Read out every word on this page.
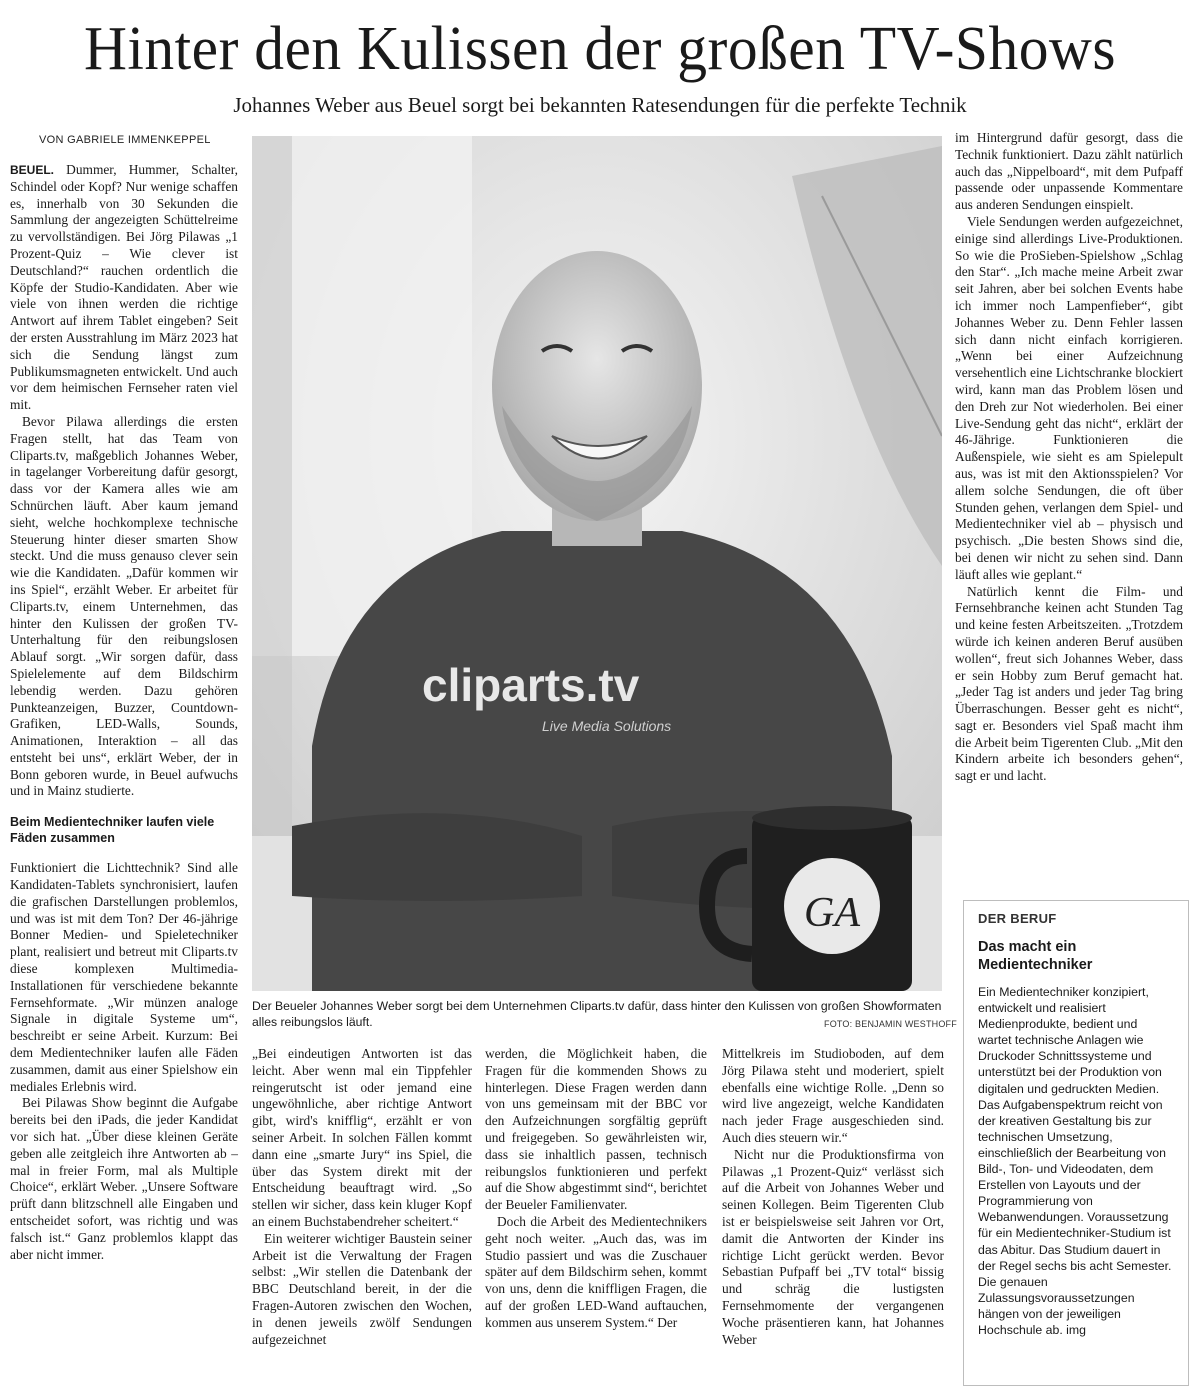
Hinter den Kulissen der großen TV-Shows

Johannes Weber aus Beuel sorgt bei bekannten Ratesendungen für die perfekte Technik

VON GABRIELE IMMENKEPPEL

BEUEL. Dummer, Hummer, Schalter, Schindel oder Kopf? Nur wenige schaffen es, innerhalb von 30 Sekunden die Sammlung der angezeigten Schüttelreime zu vervollständigen. Bei Jörg Pilawas „1 Prozent-Quiz – Wie clever ist Deutschland?“ rauchen ordentlich die Köpfe der Studio-Kandidaten. Aber wie viele von ihnen werden die richtige Antwort auf ihrem Tablet eingeben? Seit der ersten Ausstrahlung im März 2023 hat sich die Sendung längst zum Publikumsmagneten entwickelt. Und auch vor dem heimischen Fernseher raten viel mit.

Bevor Pilawa allerdings die ersten Fragen stellt, hat das Team von Cliparts.tv, maßgeblich Johannes Weber, in tagelanger Vorbereitung dafür gesorgt, dass vor der Kamera alles wie am Schnürchen läuft. Aber kaum jemand sieht, welche hochkomplexe technische Steuerung hinter dieser smarten Show steckt. Und die muss genauso clever sein wie die Kandidaten. „Dafür kommen wir ins Spiel“, erzählt Weber. Er arbeitet für Cliparts.tv, einem Unternehmen, das hinter den Kulissen der großen TV-Unterhaltung für den reibungslosen Ablauf sorgt. „Wir sorgen dafür, dass Spielelemente auf dem Bildschirm lebendig werden. Dazu gehören Punkteanzeigen, Buzzer, Countdown-Grafiken, LED-Walls, Sounds, Animationen, Interaktion – all das entsteht bei uns“, erklärt Weber, der in Bonn geboren wurde, in Beuel aufwuchs und in Mainz studierte.

Beim Medientechniker laufen viele Fäden zusammen

Funktioniert die Lichttechnik? Sind alle Kandidaten-Tablets synchronisiert, laufen die grafischen Darstellungen problemlos, und was ist mit dem Ton? Der 46-jährige Bonner Medien- und Spieletechniker plant, realisiert und betreut mit Cliparts.tv diese komplexen Multimedia-Installationen für verschiedene bekannte Fernsehformate. „Wir münzen analoge Signale in digitale Systeme um“, beschreibt er seine Arbeit. Kurzum: Bei dem Medientechniker laufen alle Fäden zusammen, damit aus einer Spielshow ein mediales Erlebnis wird.

Bei Pilawas Show beginnt die Aufgabe bereits bei den iPads, die jeder Kandidat vor sich hat. „Über diese kleinen Geräte geben alle zeitgleich ihre Antworten ab – mal in freier Form, mal als Multiple Choice“, erklärt Weber. „Unsere Software prüft dann blitzschnell alle Eingaben und entscheidet sofort, was richtig und was falsch ist.“ Ganz problemlos klappt das aber nicht immer.

cliparts.tv
Live Media Solutions
GA
Der Beueler Johannes Weber sorgt bei dem Unternehmen Cliparts.tv dafür, dass hinter den Kulissen von großen Showformaten alles reibungslos läuft.	FOTO: BENJAMIN WESTHOFF

„Bei eindeutigen Antworten ist das leicht. Aber wenn mal ein Tippfehler reingerutscht ist oder jemand eine ungewöhnliche, aber richtige Antwort gibt, wird's knifflig“, erzählt er von seiner Arbeit. In solchen Fällen kommt dann eine „smarte Jury“ ins Spiel, die über das System direkt mit der Entscheidung beauftragt wird. „So stellen wir sicher, dass kein kluger Kopf an einem Buchstabendreher scheitert.“

Ein weiterer wichtiger Baustein seiner Arbeit ist die Verwaltung der Fragen selbst: „Wir stellen die Datenbank der BBC Deutschland bereit, in der die Fragen-Autoren zwischen den Wochen, in denen jeweils zwölf Sendungen aufgezeichnet

werden, die Möglichkeit haben, die Fragen für die kommenden Shows zu hinterlegen. Diese Fragen werden dann von uns gemeinsam mit der BBC vor den Aufzeichnungen sorgfältig geprüft und freigegeben. So gewährleisten wir, dass sie inhaltlich passen, technisch reibungslos funktionieren und perfekt auf die Show abgestimmt sind“, berichtet der Beueler Familienvater.

Doch die Arbeit des Medientechnikers geht noch weiter. „Auch das, was im Studio passiert und was die Zuschauer später auf dem Bildschirm sehen, kommt von uns, denn die kniffligen Fragen, die auf der großen LED-Wand auftauchen, kommen aus unserem System.“ Der

Mittelkreis im Studioboden, auf dem Jörg Pilawa steht und moderiert, spielt ebenfalls eine wichtige Rolle. „Denn so wird live angezeigt, welche Kandidaten nach jeder Frage ausgeschieden sind. Auch dies steuern wir.“

Nicht nur die Produktionsfirma von Pilawas „1 Prozent-Quiz“ verlässt sich auf die Arbeit von Johannes Weber und seinen Kollegen. Beim Tigerenten Club ist er beispielsweise seit Jahren vor Ort, damit die Antworten der Kinder ins richtige Licht gerückt werden. Bevor Sebastian Pufpaff bei „TV total“ bissig und schräg die lustigsten Fernsehmomente der vergangenen Woche präsentieren kann, hat Johannes Weber

im Hintergrund dafür gesorgt, dass die Technik funktioniert. Dazu zählt natürlich auch das „Nippelboard“, mit dem Pufpaff passende oder unpassende Kommentare aus anderen Sendungen einspielt.

Viele Sendungen werden aufgezeichnet, einige sind allerdings Live-Produktionen. So wie die ProSieben-Spielshow „Schlag den Star“. „Ich mache meine Arbeit zwar seit Jahren, aber bei solchen Events habe ich immer noch Lampenfieber“, gibt Johannes Weber zu. Denn Fehler lassen sich dann nicht einfach korrigieren. „Wenn bei einer Aufzeichnung versehentlich eine Lichtschranke blockiert wird, kann man das Problem lösen und den Dreh zur Not wiederholen. Bei einer Live-Sendung geht das nicht“, erklärt der 46-Jährige. Funktionieren die Außenspiele, wie sieht es am Spielepult aus, was ist mit den Aktionsspielen? Vor allem solche Sendungen, die oft über Stunden gehen, verlangen dem Spiel- und Medientechniker viel ab – physisch und psychisch. „Die besten Shows sind die, bei denen wir nicht zu sehen sind. Dann läuft alles wie geplant.“

Natürlich kennt die Film- und Fernsehbranche keinen acht Stunden Tag und keine festen Arbeitszeiten. „Trotzdem würde ich keinen anderen Beruf ausüben wollen“, freut sich Johannes Weber, dass er sein Hobby zum Beruf gemacht hat. „Jeder Tag ist anders und jeder Tag bring Überraschungen. Besser geht es nicht“, sagt er. Besonders viel Spaß macht ihm die Arbeit beim Tigerenten Club. „Mit den Kindern arbeite ich besonders gehen“, sagt er und lacht.

DER BERUF
Das macht ein Medientechniker
Ein Medientechniker konzipiert, entwickelt und realisiert Medienprodukte, bedient und wartet technische Anlagen wie Druckoder Schnittssysteme und unterstützt bei der Produktion von digitalen und gedruckten Medien. Das Aufgabenspektrum reicht von der kreativen Gestaltung bis zur technischen Umsetzung, einschließlich der Bearbeitung von Bild-, Ton- und Videodaten, dem Erstellen von Layouts und der Programmierung von Webanwendungen. Voraussetzung für ein Medientechniker-Studium ist das Abitur. Das Studium dauert in der Regel sechs bis acht Semester. Die genauen Zulassungsvoraussetzungen hängen von der jeweiligen Hochschule ab. img
